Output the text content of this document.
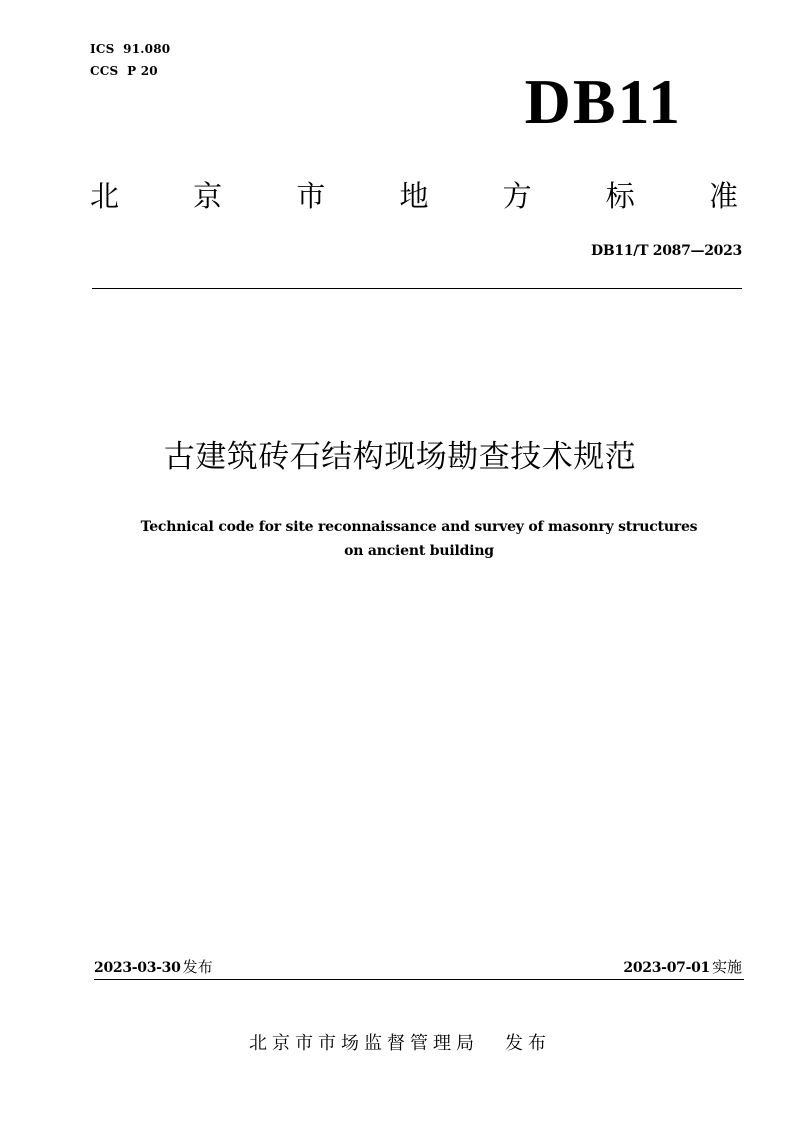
ICS  91.080
CCS  P 20	DB11
北	京	市	地	方	标	准
DB11/T 2087—2023
古建筑砖石结构现场勘查技术规范
Technical code for site reconnaissance and survey of masonry structures
on ancient building
2023-03-30 发布	2023-07-01 实施
北京市市场监督管理局 发布
